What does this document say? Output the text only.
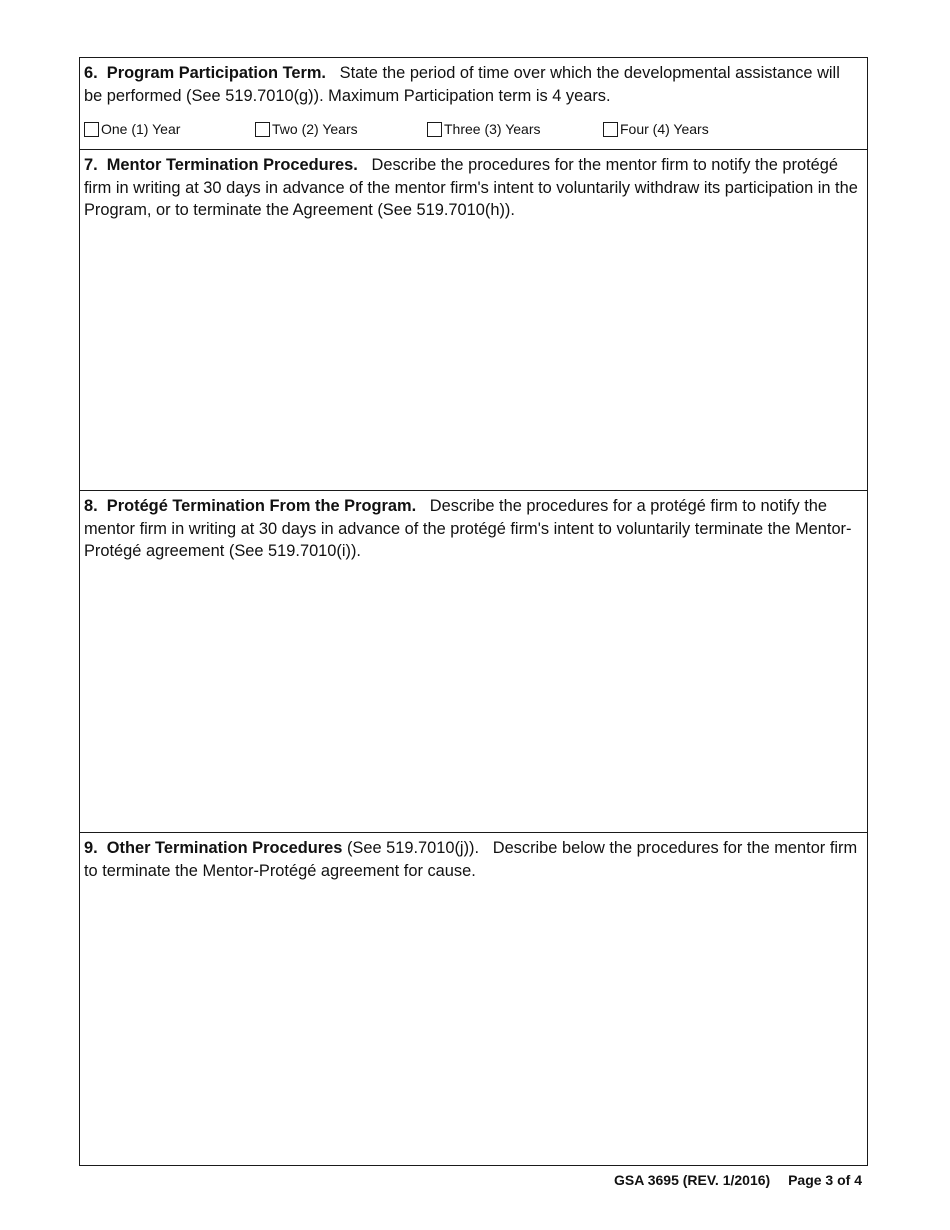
6. Program Participation Term. State the period of time over which the developmental assistance will be performed (See 519.7010(g)). Maximum Participation term is 4 years.
One (1) Year	Two (2) Years	Three (3) Years	Four (4) Years
7. Mentor Termination Procedures. Describe the procedures for the mentor firm to notify the protégé firm in writing at 30 days in advance of the mentor firm's intent to voluntarily withdraw its participation in the Program, or to terminate the Agreement (See 519.7010(h)).
8. Protégé Termination From the Program. Describe the procedures for a protégé firm to notify the mentor firm in writing at 30 days in advance of the protégé firm's intent to voluntarily terminate the Mentor-Protégé agreement (See 519.7010(i)).
9. Other Termination Procedures (See 519.7010(j)). Describe below the procedures for the mentor firm to terminate the Mentor-Protégé agreement for cause.
GSA 3695 (REV. 1/2016) Page 3 of 4
